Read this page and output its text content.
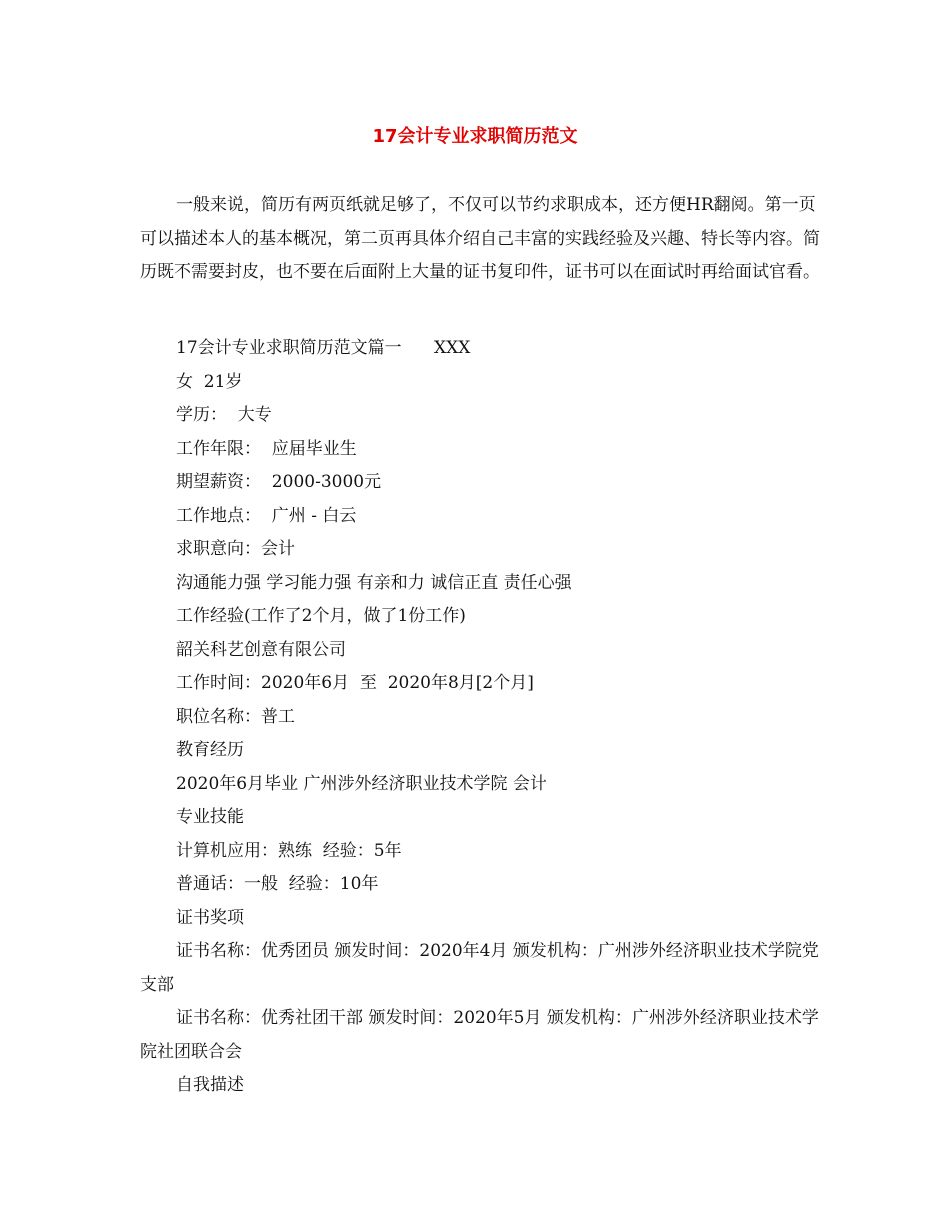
17会计专业求职简历范文

一般来说，简历有两页纸就足够了，不仅可以节约求职成本，还方便HR翻阅。第一页可以描述本人的基本概况，第二页再具体介绍自己丰富的实践经验及兴趣、特长等内容。简历既不需要封皮，也不要在后面附上大量的证书复印件，证书可以在面试时再给面试官看。

17会计专业求职简历范文篇一      XXX
女  21岁
学历：  大专
工作年限：  应届毕业生
期望薪资：  2000-3000元
工作地点：  广州 - 白云
求职意向：会计
沟通能力强 学习能力强 有亲和力 诚信正直 责任心强
工作经验(工作了2个月，做了1份工作)
韶关科艺创意有限公司
工作时间：2020年6月  至  2020年8月[2个月]
职位名称：普工
教育经历
2020年6月毕业 广州涉外经济职业技术学院 会计
专业技能
计算机应用：熟练  经验：5年
普通话：一般  经验：10年
证书奖项
证书名称：优秀团员 颁发时间：2020年4月 颁发机构：广州涉外经济职业技术学院党支部
证书名称：优秀社团干部 颁发时间：2020年5月 颁发机构：广州涉外经济职业技术学院社团联合会
自我描述
